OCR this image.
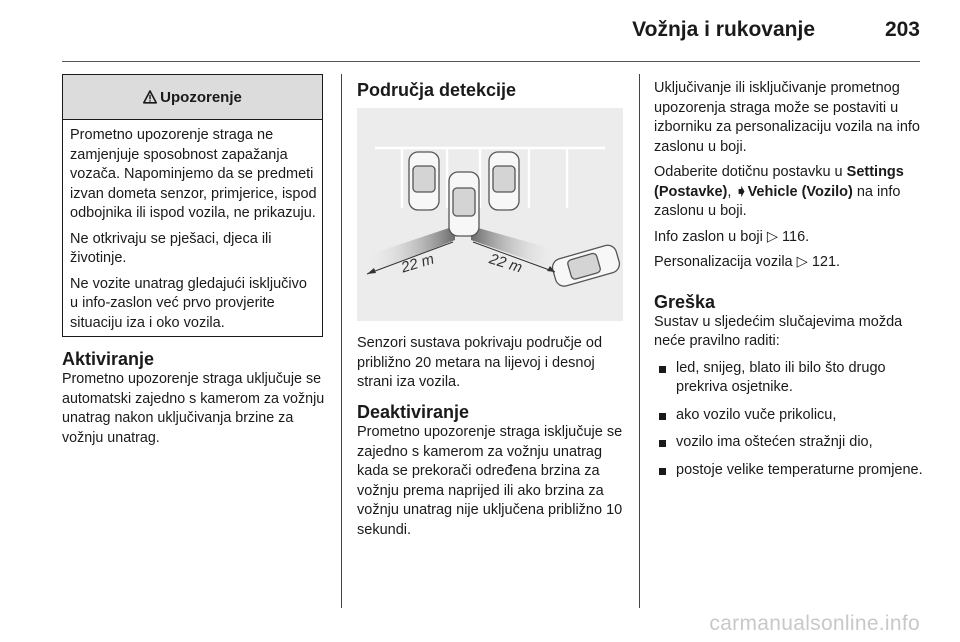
Vožnja i rukovanje	203
Upozorenje

Prometno upozorenje straga ne zamjenjuje sposobnost zapažanja vozača. Napominjemo da se predmeti izvan dometa senzor, primjerice, ispod odbojnika ili ispod vozila, ne prikazuju.

Ne otkrivaju se pješaci, djeca ili životinje.

Ne vozite unatrag gledajući isključivo u info-zaslon već prvo provjerite situaciju iza i oko vozila.

Aktiviranje

Prometno upozorenje straga uključuje se automatski zajedno s kamerom za vožnju unatrag nakon uključivanja brzine za vožnju unatrag.

Područja detekcije
22 m	22 m

Senzori sustava pokrivaju područje od približno 20 metara na lijevoj i desnoj strani iza vozila.

Deaktiviranje

Prometno upozorenje straga isključuje se zajedno s kamerom za vožnju unatrag kada se prekorači određena brzina za vožnju prema naprijed ili ako brzina za vožnju unatrag nije uključena približno 10 sekundi.

Uključivanje ili isključivanje prometnog upozorenja straga može se postaviti u izborniku za personalizaciju vozila na info zaslonu u boji.

Odaberite dotičnu postavku u Settings (Postavke), ➧Vehicle (Vozilo) na info zaslonu u boji.

Info zaslon u boji ▷ 116.

Personalizacija vozila ▷ 121.

Greška

Sustav u sljedećim slučajevima možda neće pravilno raditi:

led, snijeg, blato ili bilo što drugo prekriva osjetnike.
ako vozilo vuče prikolicu,
vozilo ima oštećen stražnji dio,
postoje velike temperaturne promjene.
carmanualsonline.info
